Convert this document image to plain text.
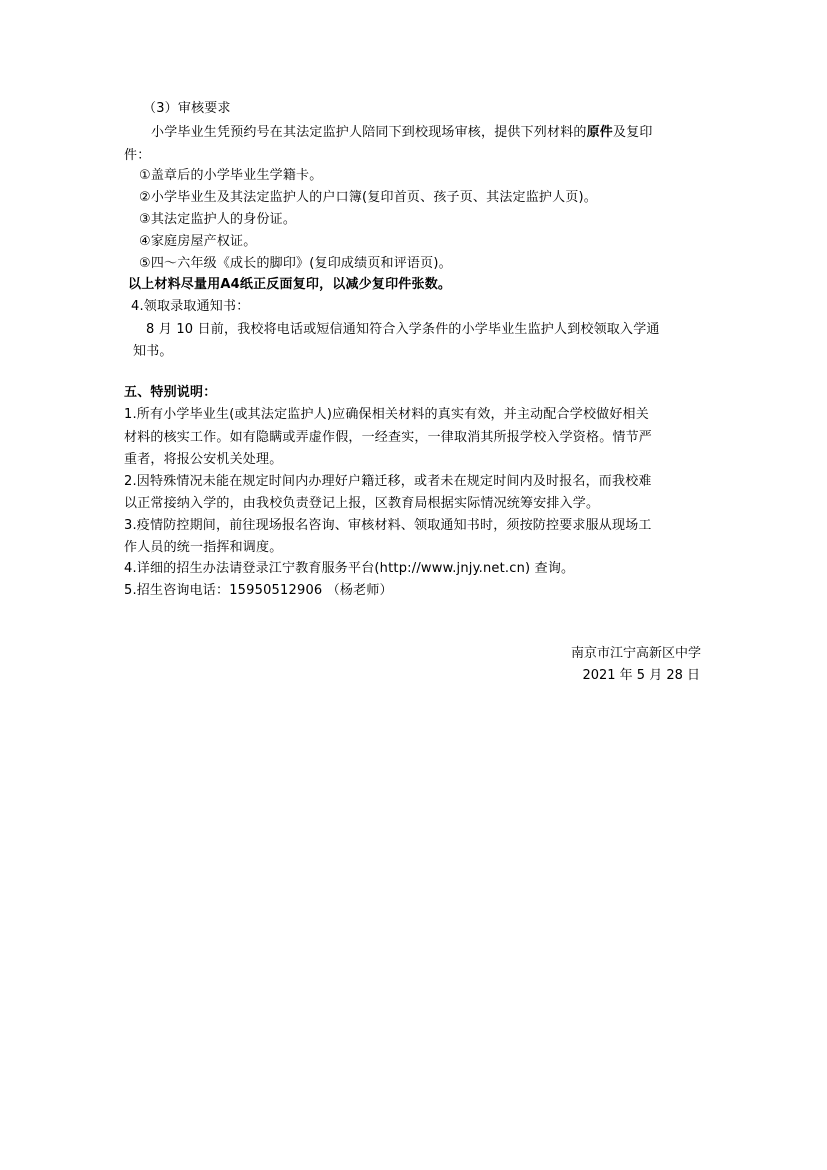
（3）审核要求
小学毕业生凭预约号在其法定监护人陪同下到校现场审核，提供下列材料的原件及复印
件：
①盖章后的小学毕业生学籍卡。
②小学毕业生及其法定监护人的户口簿(复印首页、孩子页、其法定监护人页)。
③其法定监护人的身份证。
④家庭房屋产权证。
⑤四～六年级《成长的脚印》(复印成绩页和评语页)。
以上材料尽量用A4纸正反面复印，以减少复印件张数。
4.领取录取通知书：
8 月 10 日前，我校将电话或短信通知符合入学条件的小学毕业生监护人到校领取入学通
知书。
五、特别说明：
1.所有小学毕业生(或其法定监护人)应确保相关材料的真实有效，并主动配合学校做好相关
材料的核实工作。如有隐瞒或弄虚作假，一经查实，一律取消其所报学校入学资格。情节严
重者，将报公安机关处理。
2.因特殊情况未能在规定时间内办理好户籍迁移，或者未在规定时间内及时报名，而我校难
以正常接纳入学的，由我校负责登记上报，区教育局根据实际情况统筹安排入学。
3.疫情防控期间，前往现场报名咨询、审核材料、领取通知书时，须按防控要求服从现场工
作人员的统一指挥和调度。
4.详细的招生办法请登录江宁教育服务平台(http://www.jnjy.net.cn) 查询。
5.招生咨询电话：15950512906 （杨老师）
南京市江宁高新区中学
2021 年 5 月 28 日
